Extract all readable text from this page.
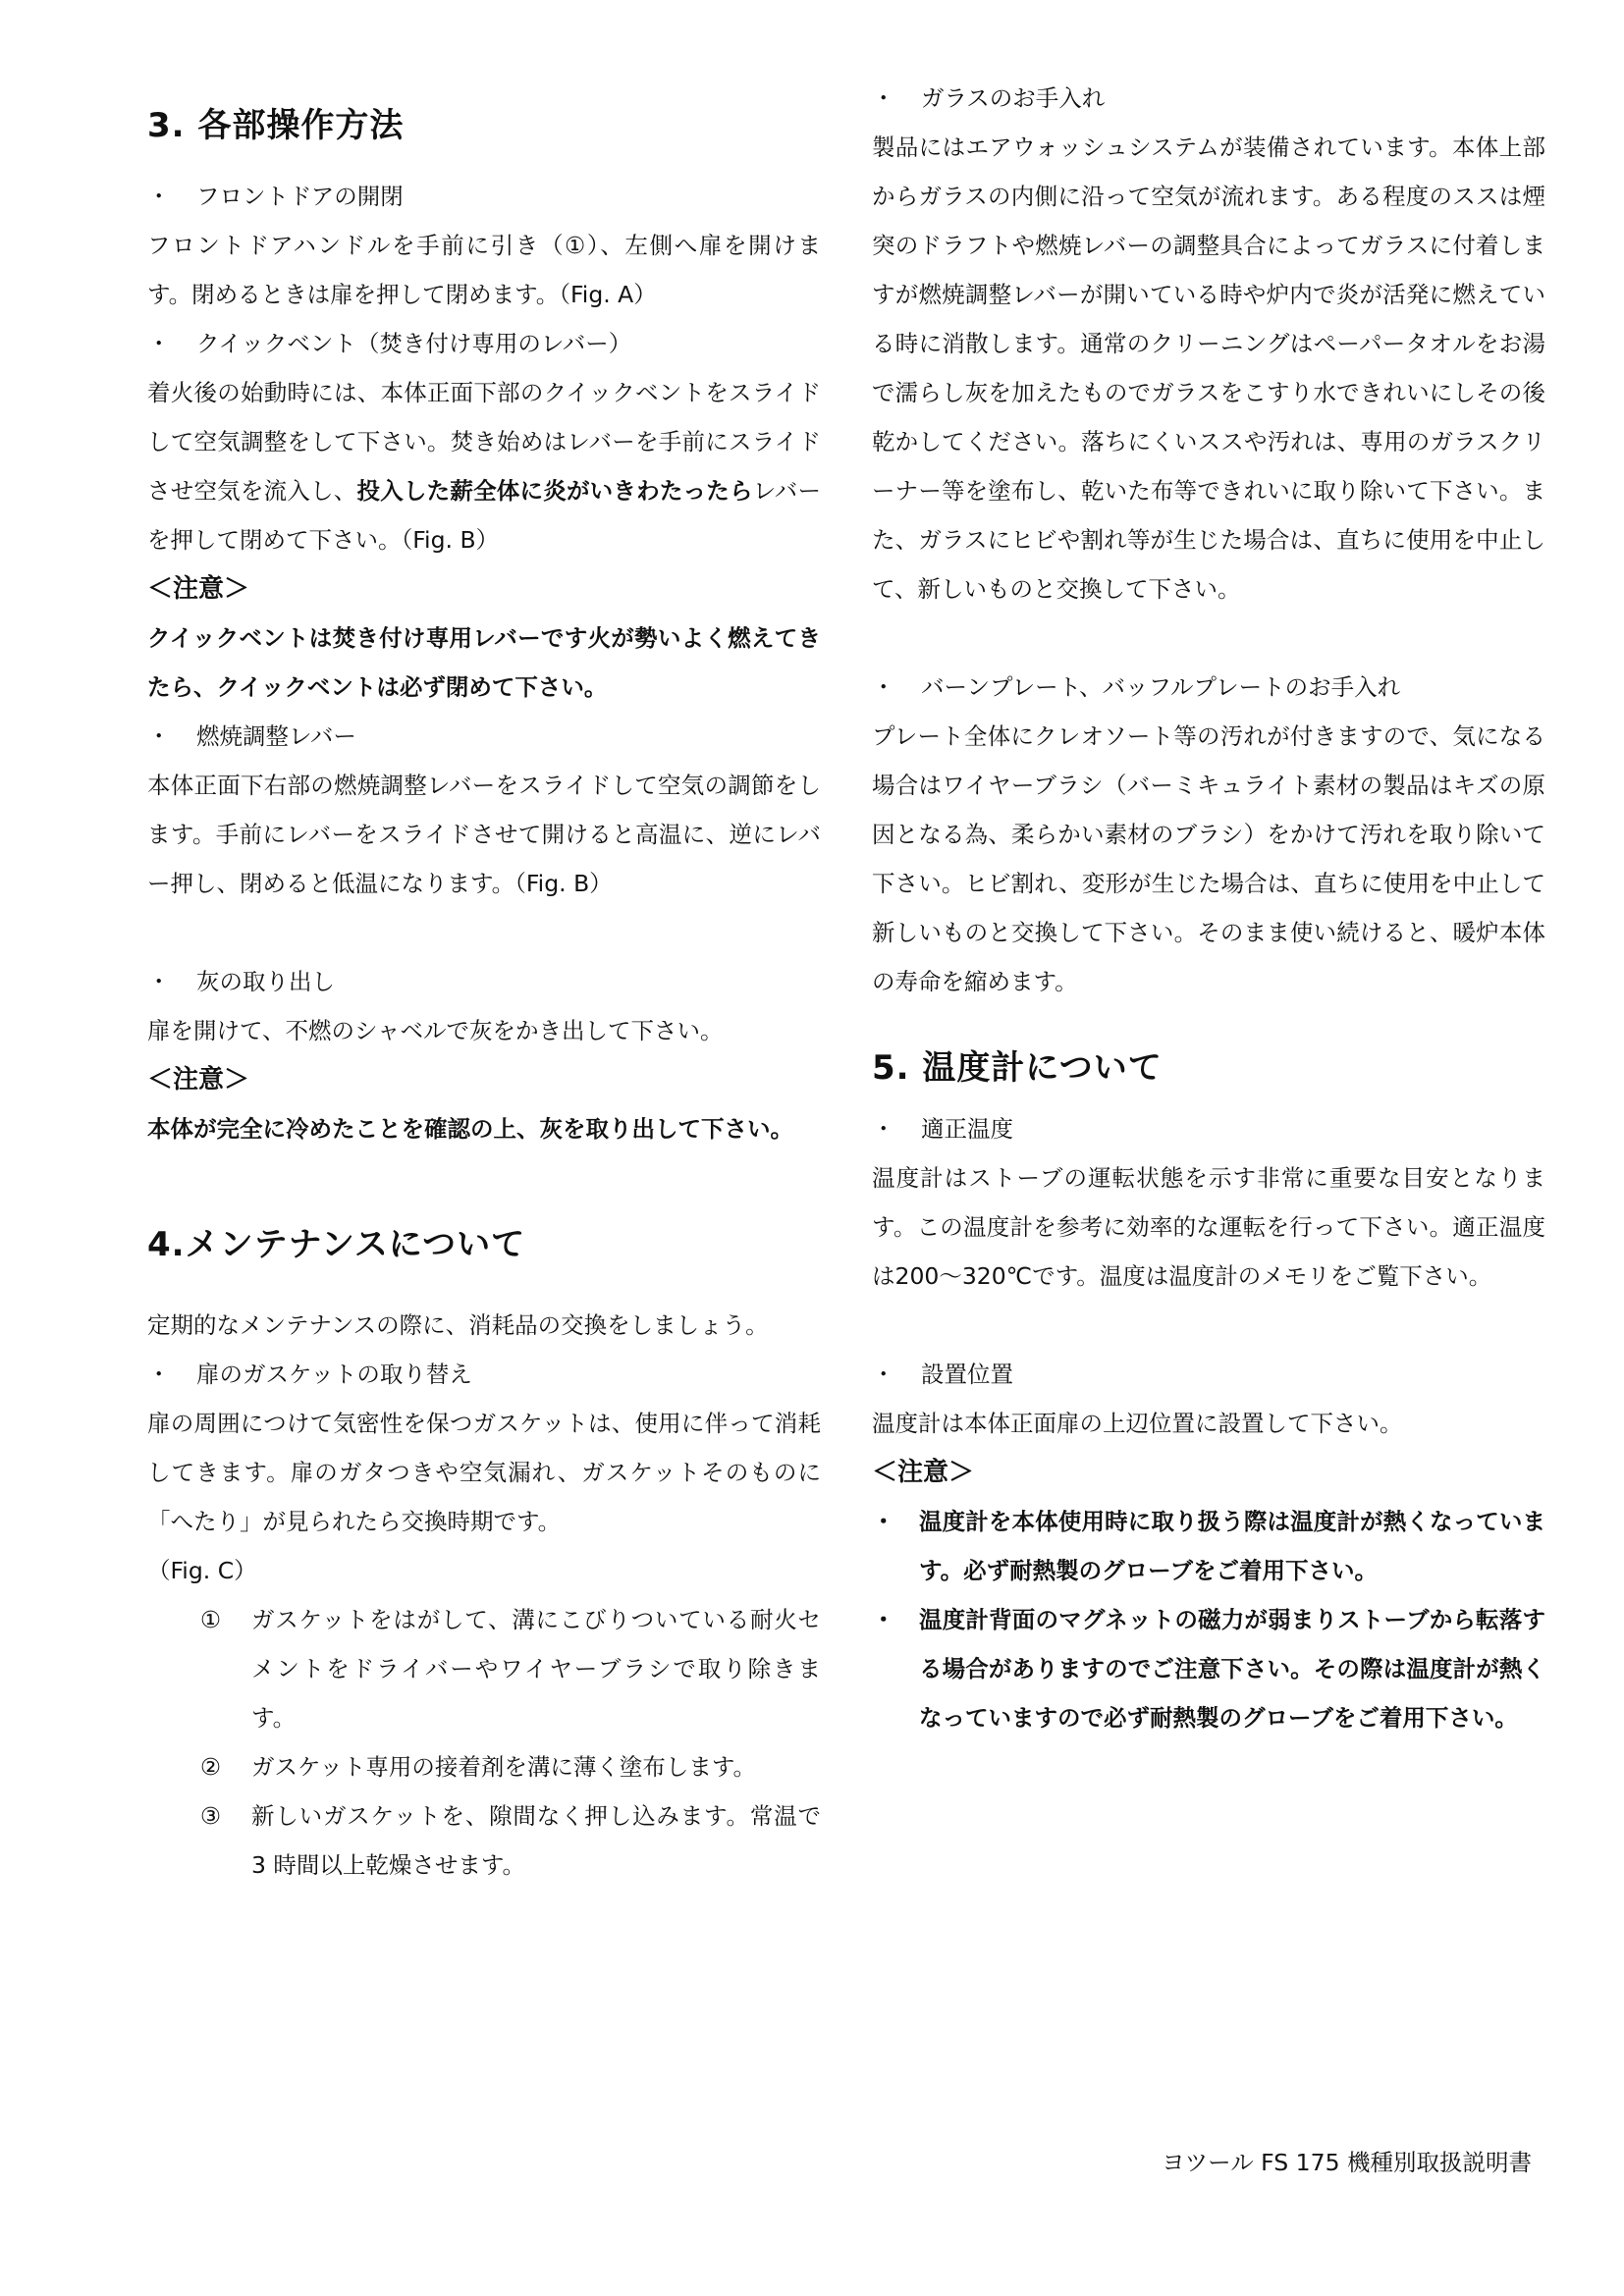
3. 各部操作方法
・ フロントドアの開閉

フロントドアハンドルを手前に引き（①）、左側へ扉を開けます。閉めるときは扉を押して閉めます。（Fig. A）

・ クイックベント（焚き付け専用のレバー）

着火後の始動時には、本体正面下部のクイックベントをスライドして空気調整をして下さい。焚き始めはレバーを手前にスライドさせ空気を流入し、投入した薪全体に炎がいきわたったらレバーを押して閉めて下さい。（Fig. B）

＜注意＞

クイックベントは焚き付け専用レバーです火が勢いよく燃えてきたら、クイックベントは必ず閉めて下さい。

・ 燃焼調整レバー

本体正面下右部の燃焼調整レバーをスライドして空気の調節をします。手前にレバーをスライドさせて開けると高温に、逆にレバー押し、閉めると低温になります。（Fig. B）

・ 灰の取り出し

扉を開けて、不燃のシャベルで灰をかき出して下さい。

＜注意＞

本体が完全に冷めたことを確認の上、灰を取り出して下さい。

4.メンテナンスについて

定期的なメンテナンスの際に、消耗品の交換をしましょう。

・ 扉のガスケットの取り替え

扉の周囲につけて気密性を保つガスケットは、使用に伴って消耗してきます。扉のガタつきや空気漏れ、ガスケットそのものに「へたり」が見られたら交換時期です。

（Fig. C）
① ガスケットをはがして、溝にこびりついている耐火セメントをドライバーやワイヤーブラシで取り除きます。
② ガスケット専用の接着剤を溝に薄く塗布します。
③ 新しいガスケットを、隙間なく押し込みます。常温で 3 時間以上乾燥させます。
・ ガラスのお手入れ

製品にはエアウォッシュシステムが装備されています。本体上部からガラスの内側に沿って空気が流れます。ある程度のススは煙突のドラフトや燃焼レバーの調整具合によってガラスに付着しますが燃焼調整レバーが開いている時や炉内で炎が活発に燃えている時に消散します。通常のクリーニングはペーパータオルをお湯で濡らし灰を加えたものでガラスをこすり水できれいにしその後乾かしてください。落ちにくいススや汚れは、専用のガラスクリーナー等を塗布し、乾いた布等できれいに取り除いて下さい。また、ガラスにヒビや割れ等が生じた場合は、直ちに使用を中止して、新しいものと交換して下さい。

・ バーンプレート、バッフルプレートのお手入れ

プレート全体にクレオソート等の汚れが付きますので、気になる場合はワイヤーブラシ（バーミキュライト素材の製品はキズの原因となる為、柔らかい素材のブラシ）をかけて汚れを取り除いて下さい。ヒビ割れ、変形が生じた場合は、直ちに使用を中止して新しいものと交換して下さい。そのまま使い続けると、暖炉本体の寿命を縮めます。

5. 温度計について
・ 適正温度

温度計はストーブの運転状態を示す非常に重要な目安となります。この温度計を参考に効率的な運転を行って下さい。適正温度は200～320℃です。温度は温度計のメモリをご覧下さい。

・ 設置位置

温度計は本体正面扉の上辺位置に設置して下さい。

＜注意＞
・ 温度計を本体使用時に取り扱う際は温度計が熱くなっています。必ず耐熱製のグローブをご着用下さい。
・ 温度計背面のマグネットの磁力が弱まりストーブから転落する場合がありますのでご注意下さい。その際は温度計が熱くなっていますので必ず耐熱製のグローブをご着用下さい。
ヨツール FS 175 機種別取扱説明書
